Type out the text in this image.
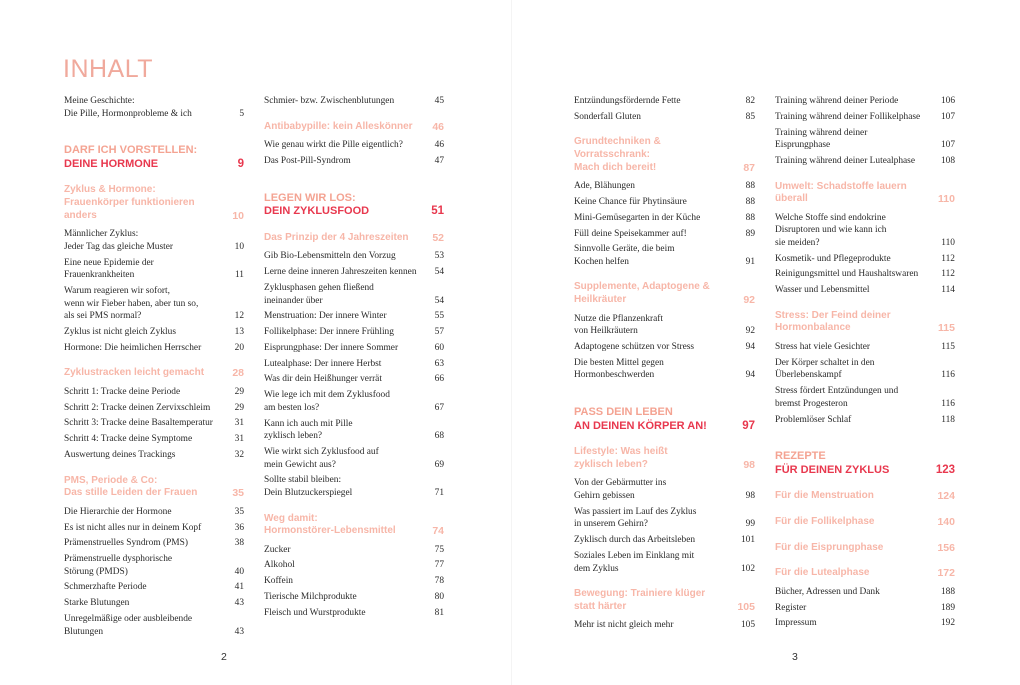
INHALT
Meine Geschichte:
Die Pille, Hormonprobleme & ich	5
DARF ICH VORSTELLEN:
DEINE HORMONE	9
Zyklus & Hormone:
Frauenkörper funktionieren anders	10
Männlicher Zyklus:
Jeder Tag das gleiche Muster	10
Eine neue Epidemie der
Frauenkrankheiten	11
Warum reagieren wir sofort,
wenn wir Fieber haben, aber tun so,
als sei PMS normal?	12
Zyklus ist nicht gleich Zyklus	13
Hormone: Die heimlichen Herrscher	20
Zyklustracken leicht gemacht	28
Schritt 1: Tracke deine Periode	29
Schritt 2: Tracke deinen Zervixschleim	29
Schritt 3: Tracke deine Basaltemperatur	31
Schritt 4: Tracke deine Symptome	31
Auswertung deines Trackings	32
PMS, Periode & Co:
Das stille Leiden der Frauen	35
Die Hierarchie der Hormone	35
Es ist nicht alles nur in deinem Kopf	36
Prämenstruelles Syndrom (PMS)	38
Prämenstruelle dysphorische
Störung (PMDS)	40
Schmerzhafte Periode	41
Starke Blutungen	43
Unregelmäßige oder ausbleibende
Blutungen	43
Schmier- bzw. Zwischenblutungen	45
Antibabypille: kein Alleskönner	46
Wie genau wirkt die Pille eigentlich?	46
Das Post-Pill-Syndrom	47
LEGEN WIR LOS:
DEIN ZYKLUSFOOD	51
Das Prinzip der 4 Jahreszeiten	52
Gib Bio-Lebensmitteln den Vorzug	53
Lerne deine inneren Jahreszeiten kennen	54
Zyklusphasen gehen fließend
ineinander über	54
Menstruation: Der innere Winter	55
Follikelphase: Der innere Frühling	57
Eisprungphase: Der innere Sommer	60
Lutealphase: Der innere Herbst	63
Was dir dein Heißhunger verrät	66
Wie lege ich mit dem Zyklusfood
am besten los?	67
Kann ich auch mit Pille
zyklisch leben?	68
Wie wirkt sich Zyklusfood auf
mein Gewicht aus?	69
Sollte stabil bleiben:
Dein Blutzuckerspiegel	71
Weg damit:
Hormonstörer-Lebensmittel	74
Zucker	75
Alkohol	77
Koffein	78
Tierische Milchprodukte	80
Fleisch und Wurstprodukte	81
Entzündungsfördernde Fette	82
Sonderfall Gluten	85
Grundtechniken & Vorratsschrank:
Mach dich bereit!	87
Ade, Blähungen	88
Keine Chance für Phytinsäure	88
Mini-Gemüsegarten in der Küche	88
Füll deine Speisekammer auf!	89
Sinnvolle Geräte, die beim
Kochen helfen	91
Supplemente, Adaptogene &
Heilkräuter	92
Nutze die Pflanzenkraft
von Heilkräutern	92
Adaptogene schützen vor Stress	94
Die besten Mittel gegen
Hormonbeschwerden	94
PASS DEIN LEBEN
AN DEINEN KÖRPER AN!	97
Lifestyle: Was heißt
zyklisch leben?	98
Von der Gebärmutter ins
Gehirn gebissen	98
Was passiert im Lauf des Zyklus
in unserem Gehirn?	99
Zyklisch durch das Arbeitsleben	101
Soziales Leben im Einklang mit
dem Zyklus	102
Bewegung: Trainiere klüger
statt härter	105
Mehr ist nicht gleich mehr	105
Training während deiner Periode	106
Training während deiner Follikelphase	107
Training während deiner
Eisprungphase	107
Training während deiner Lutealphase	108
Umwelt: Schadstoffe lauern
überall	110
Welche Stoffe sind endokrine
Disruptoren und wie kann ich
sie meiden?	110
Kosmetik- und Pflegeprodukte	112
Reinigungsmittel und Haushaltswaren	112
Wasser und Lebensmittel	114
Stress: Der Feind deiner
Hormonbalance	115
Stress hat viele Gesichter	115
Der Körper schaltet in den
Überlebenskampf	116
Stress fördert Entzündungen und
bremst Progesteron	116
Problemlöser Schlaf	118
REZEPTE
FÜR DEINEN ZYKLUS	123
Für die Menstruation	124
Für die Follikelphase	140
Für die Eisprungphase	156
Für die Lutealphase	172
Bücher, Adressen und Dank	188
Register	189
Impressum	192
2	3
